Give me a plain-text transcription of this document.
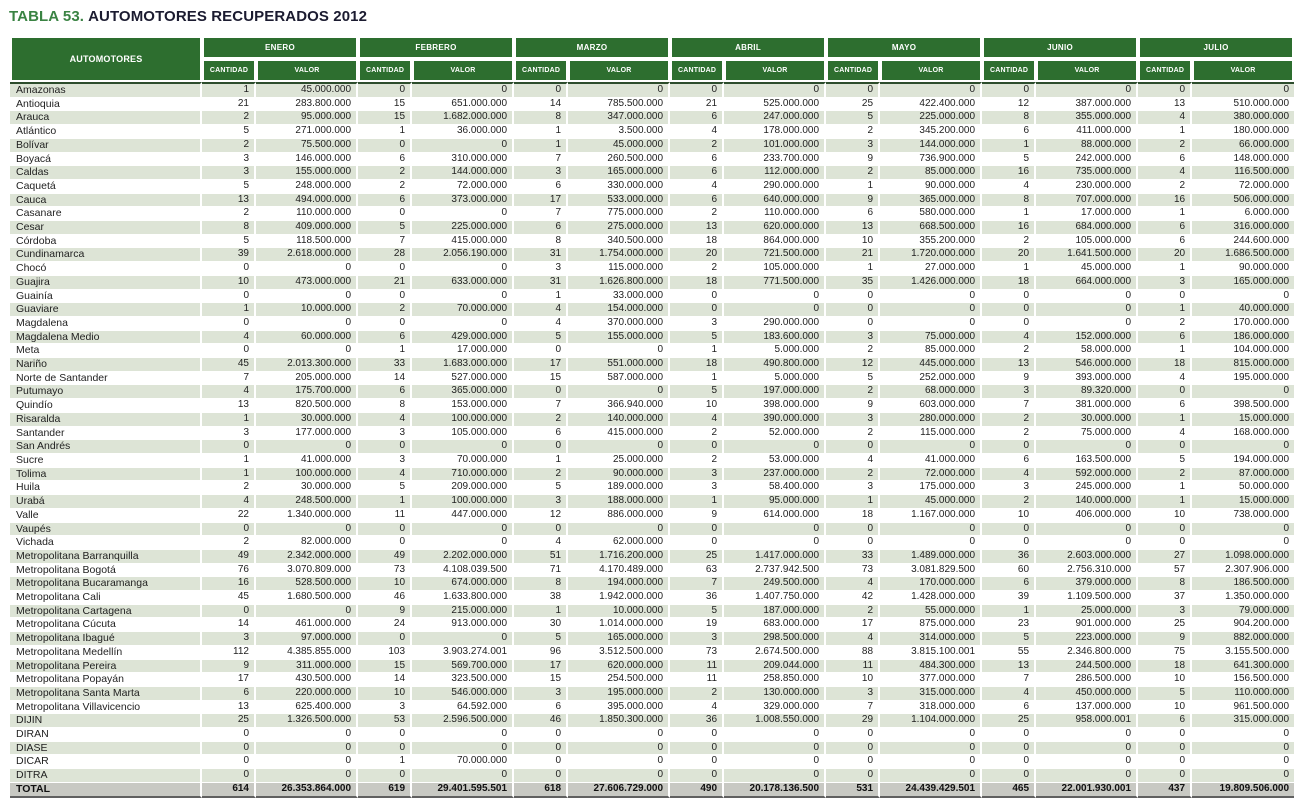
TABLA 53. AUTOMOTORES RECUPERADOS 2012
AUTOMOTORES	ENERO		FEBRERO		MARZO		ABRIL		MAYO		JUNIO		JULIO	
	CANTIDAD	VALOR	CANTIDAD	VALOR	CANTIDAD	VALOR	CANTIDAD	VALOR	CANTIDAD	VALOR	CANTIDAD	VALOR	CANTIDAD	VALOR
Amazonas	1	45.000.000	0	0	0	0	0	0	0	0	0	0	0	0
Antioquia	21	283.800.000	15	651.000.000	14	785.500.000	21	525.000.000	25	422.400.000	12	387.000.000	13	510.000.000
Arauca	2	95.000.000	15	1.682.000.000	8	347.000.000	6	247.000.000	5	225.000.000	8	355.000.000	4	380.000.000
Atlántico	5	271.000.000	1	36.000.000	1	3.500.000	4	178.000.000	2	345.200.000	6	411.000.000	1	180.000.000
Bolívar	2	75.500.000	0	0	1	45.000.000	2	101.000.000	3	144.000.000	1	88.000.000	2	66.000.000
Boyacá	3	146.000.000	6	310.000.000	7	260.500.000	6	233.700.000	9	736.900.000	5	242.000.000	6	148.000.000
Caldas	3	155.000.000	2	144.000.000	3	165.000.000	6	112.000.000	2	85.000.000	16	735.000.000	4	116.500.000
Caquetá	5	248.000.000	2	72.000.000	6	330.000.000	4	290.000.000	1	90.000.000	4	230.000.000	2	72.000.000
Cauca	13	494.000.000	6	373.000.000	17	533.000.000	6	640.000.000	9	365.000.000	8	707.000.000	16	506.000.000
Casanare	2	110.000.000	0	0	7	775.000.000	2	110.000.000	6	580.000.000	1	17.000.000	1	6.000.000
Cesar	8	409.000.000	5	225.000.000	6	275.000.000	13	620.000.000	13	668.500.000	16	684.000.000	6	316.000.000
Córdoba	5	118.500.000	7	415.000.000	8	340.500.000	18	864.000.000	10	355.200.000	2	105.000.000	6	244.600.000
Cundinamarca	39	2.618.000.000	28	2.056.190.000	31	1.754.000.000	20	721.500.000	21	1.720.000.000	20	1.641.500.000	20	1.686.500.000
Chocó	0	0	0	0	3	115.000.000	2	105.000.000	1	27.000.000	1	45.000.000	1	90.000.000
Guajira	10	473.000.000	21	633.000.000	31	1.626.800.000	18	771.500.000	35	1.426.000.000	18	664.000.000	3	165.000.000
Guainía	0	0	0	0	1	33.000.000	0	0	0	0	0	0	0	0
Guaviare	1	10.000.000	2	70.000.000	4	154.000.000	0	0	0	0	0	0	1	40.000.000
Magdalena	0	0	0	0	4	370.000.000	3	290.000.000	0	0	0	0	2	170.000.000
Magdalena Medio	4	60.000.000	6	429.000.000	5	155.000.000	5	183.600.000	3	75.000.000	4	152.000.000	6	186.000.000
Meta	0	0	1	17.000.000	0	0	1	5.000.000	2	85.000.000	2	58.000.000	1	104.000.000
Nariño	45	2.013.300.000	33	1.683.000.000	17	551.000.000	18	490.800.000	12	445.000.000	13	546.000.000	18	815.000.000
Norte de Santander	7	205.000.000	14	527.000.000	15	587.000.000	1	5.000.000	5	252.000.000	9	393.000.000	4	195.000.000
Putumayo	4	175.700.000	6	365.000.000	0	0	5	197.000.000	2	68.000.000	3	89.320.000	0	0
Quindío	13	820.500.000	8	153.000.000	7	366.940.000	10	398.000.000	9	603.000.000	7	381.000.000	6	398.500.000
Risaralda	1	30.000.000	4	100.000.000	2	140.000.000	4	390.000.000	3	280.000.000	2	30.000.000	1	15.000.000
Santander	3	177.000.000	3	105.000.000	6	415.000.000	2	52.000.000	2	115.000.000	2	75.000.000	4	168.000.000
San Andrés	0	0	0	0	0	0	0	0	0	0	0	0	0	0
Sucre	1	41.000.000	3	70.000.000	1	25.000.000	2	53.000.000	4	41.000.000	6	163.500.000	5	194.000.000
Tolima	1	100.000.000	4	710.000.000	2	90.000.000	3	237.000.000	2	72.000.000	4	592.000.000	2	87.000.000
Huila	2	30.000.000	5	209.000.000	5	189.000.000	3	58.400.000	3	175.000.000	3	245.000.000	1	50.000.000
Urabá	4	248.500.000	1	100.000.000	3	188.000.000	1	95.000.000	1	45.000.000	2	140.000.000	1	15.000.000
Valle	22	1.340.000.000	11	447.000.000	12	886.000.000	9	614.000.000	18	1.167.000.000	10	406.000.000	10	738.000.000
Vaupés	0	0	0	0	0	0	0	0	0	0	0	0	0	0
Vichada	2	82.000.000	0	0	4	62.000.000	0	0	0	0	0	0	0	0
Metropolitana Barranquilla	49	2.342.000.000	49	2.202.000.000	51	1.716.200.000	25	1.417.000.000	33	1.489.000.000	36	2.603.000.000	27	1.098.000.000
Metropolitana Bogotá	76	3.070.809.000	73	4.108.039.500	71	4.170.489.000	63	2.737.942.500	73	3.081.829.500	60	2.756.310.000	57	2.307.906.000
Metropolitana Bucaramanga	16	528.500.000	10	674.000.000	8	194.000.000	7	249.500.000	4	170.000.000	6	379.000.000	8	186.500.000
Metropolitana Cali	45	1.680.500.000	46	1.633.800.000	38	1.942.000.000	36	1.407.750.000	42	1.428.000.000	39	1.109.500.000	37	1.350.000.000
Metropolitana Cartagena	0	0	9	215.000.000	1	10.000.000	5	187.000.000	2	55.000.000	1	25.000.000	3	79.000.000
Metropolitana Cúcuta	14	461.000.000	24	913.000.000	30	1.014.000.000	19	683.000.000	17	875.000.000	23	901.000.000	25	904.200.000
Metropolitana Ibagué	3	97.000.000	0	0	5	165.000.000	3	298.500.000	4	314.000.000	5	223.000.000	9	882.000.000
Metropolitana Medellín	112	4.385.855.000	103	3.903.274.001	96	3.512.500.000	73	2.674.500.000	88	3.815.100.001	55	2.346.800.000	75	3.155.500.000
Metropolitana Pereira	9	311.000.000	15	569.700.000	17	620.000.000	11	209.044.000	11	484.300.000	13	244.500.000	18	641.300.000
Metropolitana Popayán	17	430.500.000	14	323.500.000	15	254.500.000	11	258.850.000	10	377.000.000	7	286.500.000	10	156.500.000
Metropolitana Santa Marta	6	220.000.000	10	546.000.000	3	195.000.000	2	130.000.000	3	315.000.000	4	450.000.000	5	110.000.000
Metropolitana Villavicencio	13	625.400.000	3	64.592.000	6	395.000.000	4	329.000.000	7	318.000.000	6	137.000.000	10	961.500.000
DIJIN	25	1.326.500.000	53	2.596.500.000	46	1.850.300.000	36	1.008.550.000	29	1.104.000.000	25	958.000.001	6	315.000.000
DIRAN	0	0	0	0	0	0	0	0	0	0	0	0	0	0
DIASE	0	0	0	0	0	0	0	0	0	0	0	0	0	0
DICAR	0	0	1	70.000.000	0	0	0	0	0	0	0	0	0	0
DITRA	0	0	0	0	0	0	0	0	0	0	0	0	0	0
TOTAL	614	26.353.864.000	619	29.401.595.501	618	27.606.729.000	490	20.178.136.500	531	24.439.429.501	465	22.001.930.001	437	19.809.506.000
